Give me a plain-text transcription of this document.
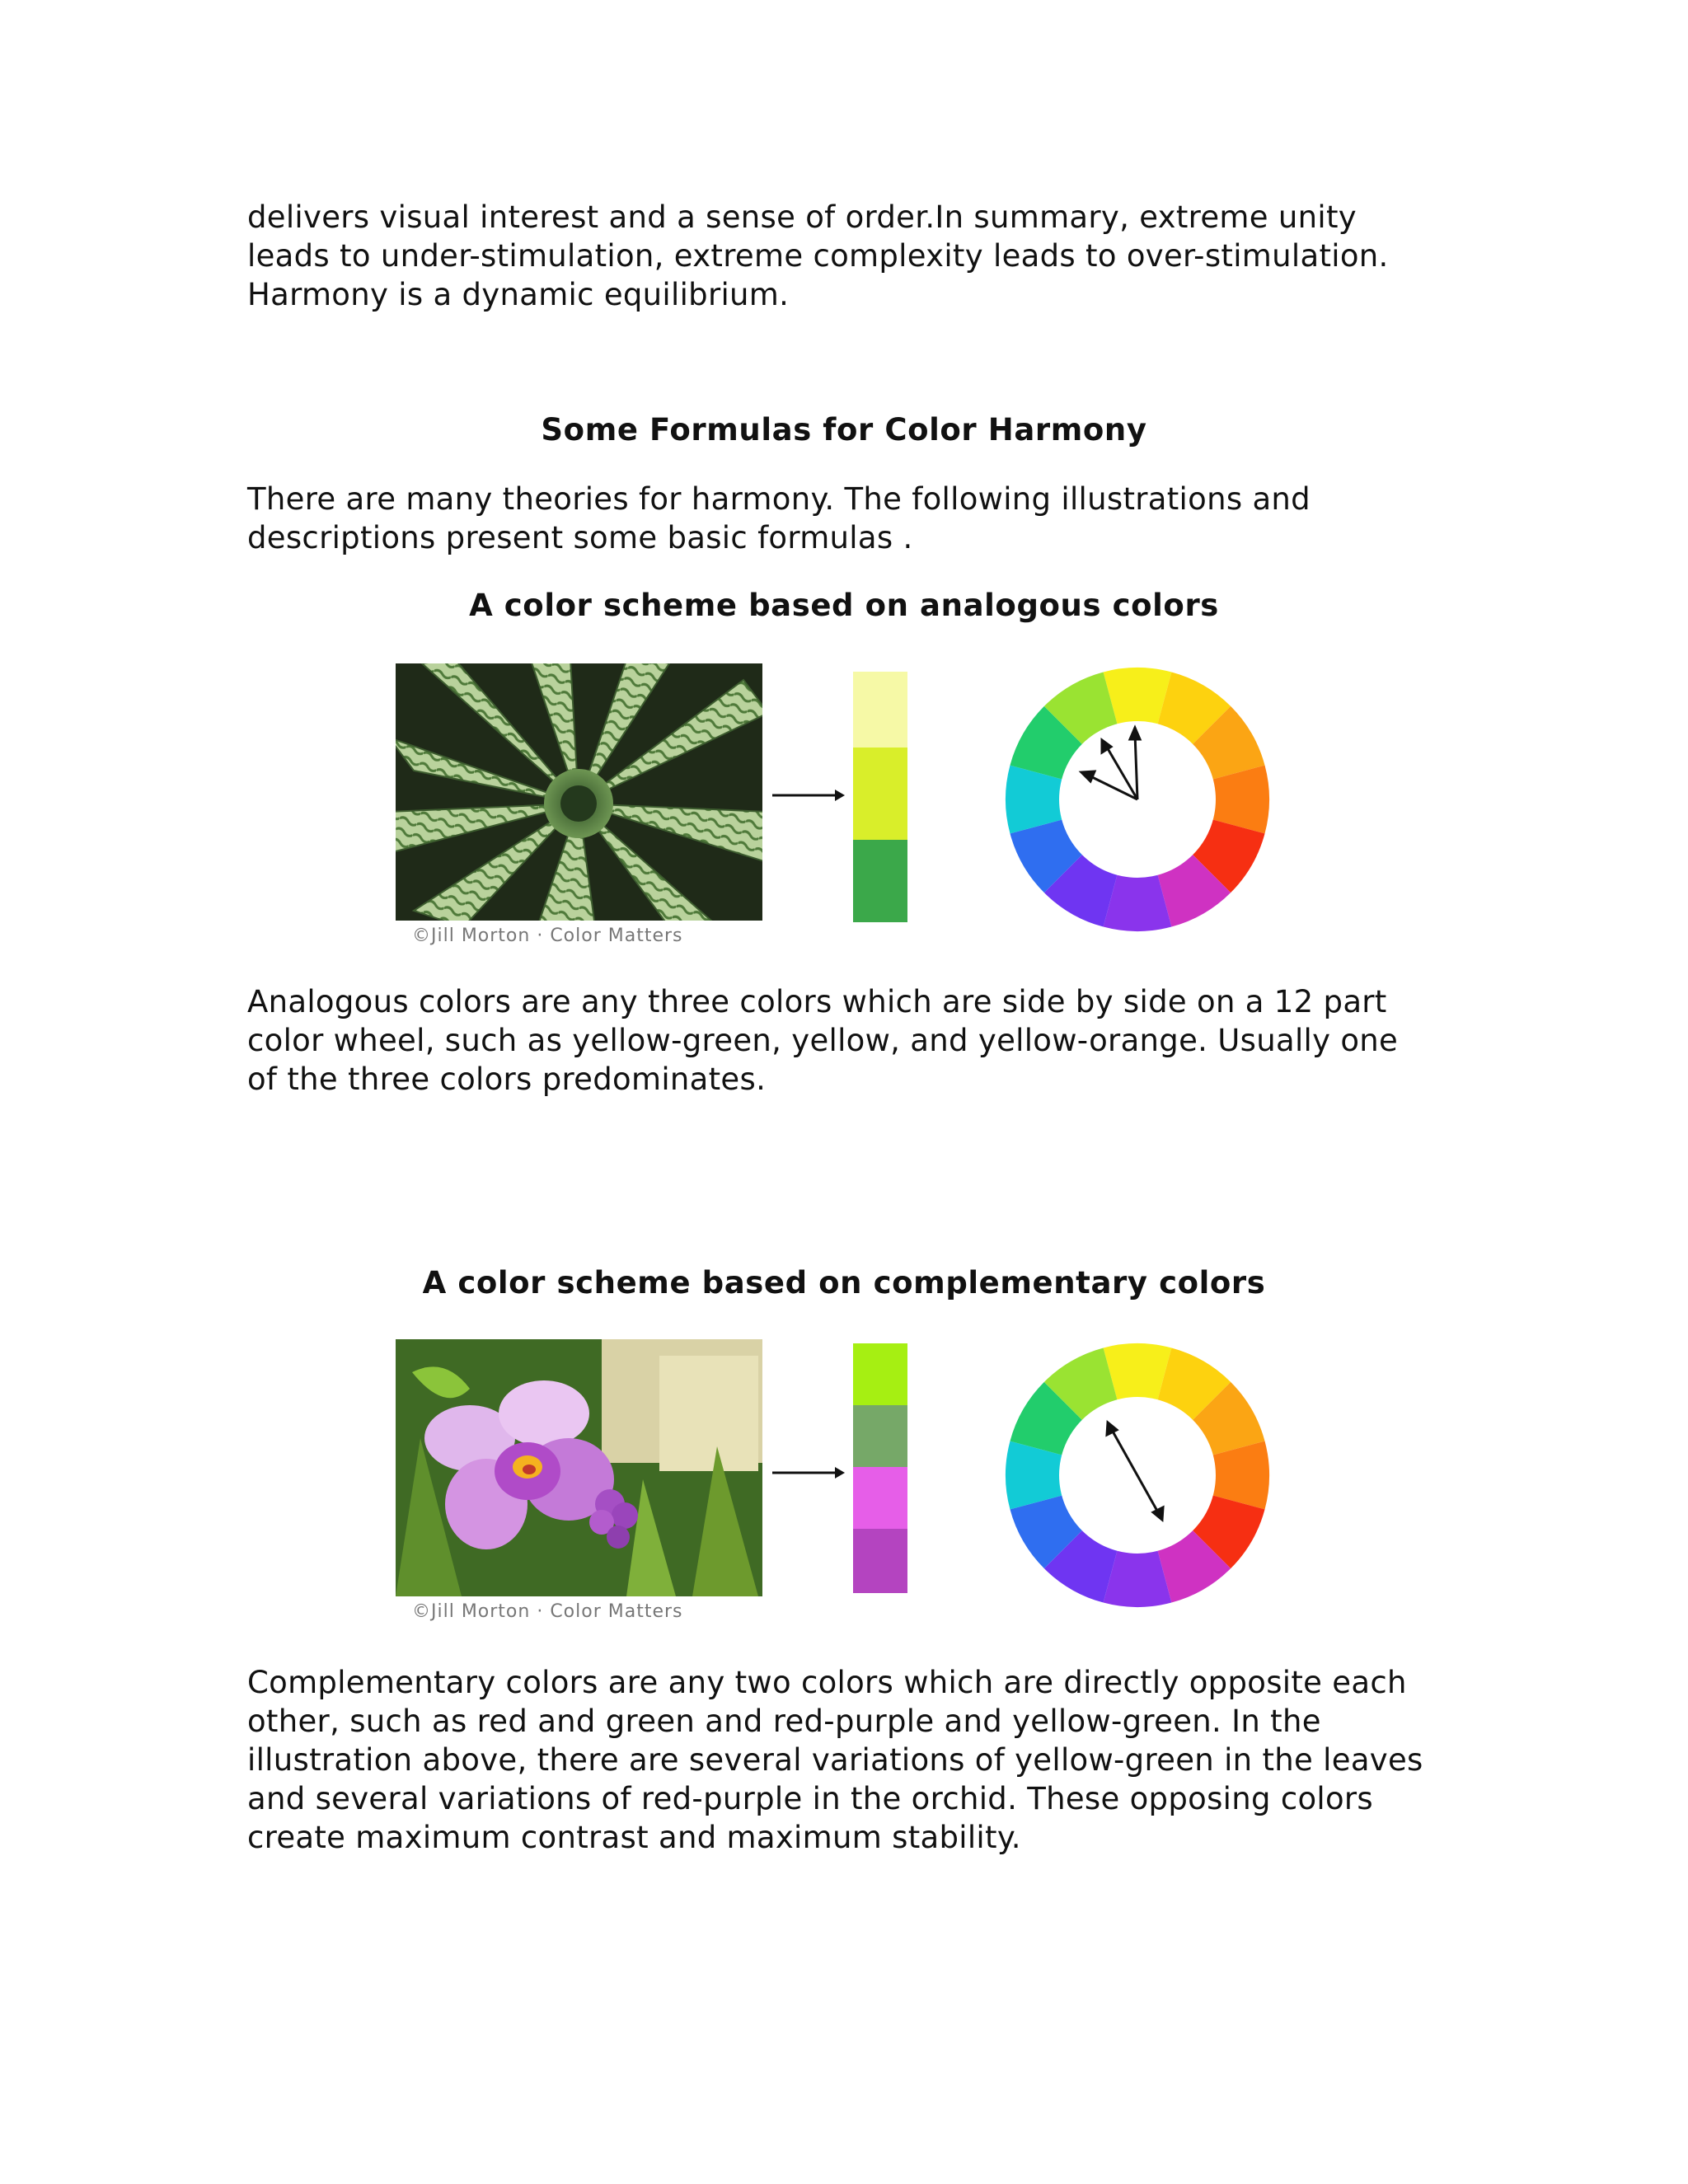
delivers visual interest and a sense of order.In summary, extreme unity leads to under-stimulation, extreme complexity leads to over-stimulation. Harmony is a dynamic equilibrium.

Some Formulas for Color Harmony

There are many theories for harmony. The following illustrations and descriptions present some basic formulas .

A color scheme based on analogous colors
©Jill Morton · Color Matters

Analogous colors are any three colors which are side by side on a 12 part color wheel, such as yellow-green, yellow, and yellow-orange. Usually one of the three colors predominates.

A color scheme based on complementary colors
©Jill Morton · Color Matters

Complementary colors are any two colors which are directly opposite each other, such as red and green and red-purple and yellow-green. In the illustration above, there are several variations of yellow-green in the leaves and several variations of red-purple in the orchid. These opposing colors create maximum contrast and maximum stability.
